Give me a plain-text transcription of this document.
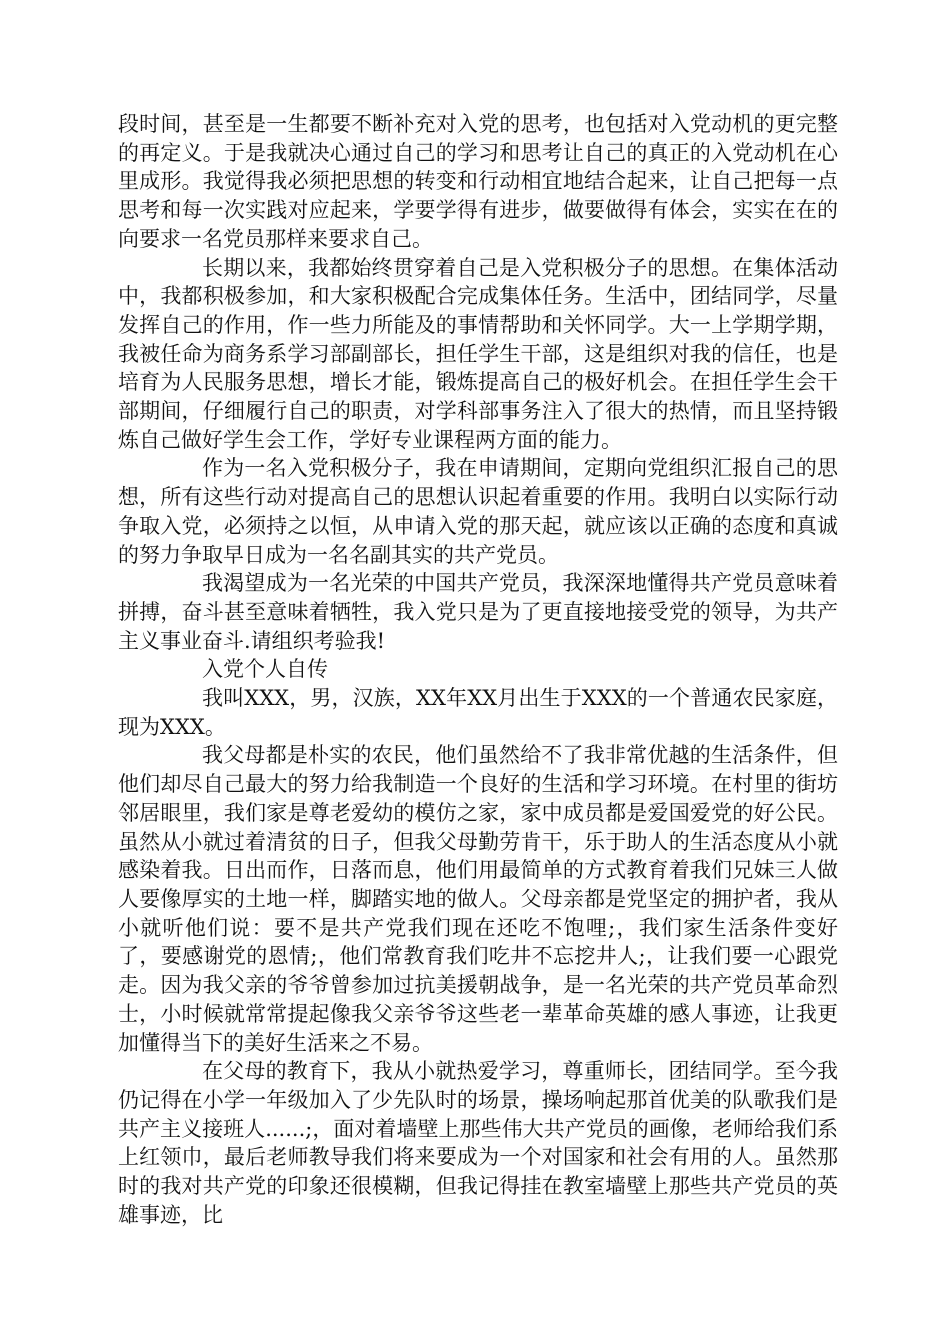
段时间，甚至是一生都要不断补充对入党的思考，也包括对入党动机的更完整的再定义。于是我就决心通过自己的学习和思考让自己的真正的入党动机在心里成形。我觉得我必须把思想的转变和行动相宜地结合起来，让自己把每一点思考和每一次实践对应起来，学要学得有进步，做要做得有体会，实实在在的向要求一名党员那样来要求自己。

长期以来，我都始终贯穿着自己是入党积极分子的思想。在集体活动中，我都积极参加，和大家积极配合完成集体任务。生活中，团结同学，尽量发挥自己的作用，作一些力所能及的事情帮助和关怀同学。大一上学期学期，我被任命为商务系学习部副部长，担任学生干部，这是组织对我的信任，也是培育为人民服务思想，增长才能，锻炼提高自己的极好机会。在担任学生会干部期间，仔细履行自己的职责，对学科部事务注入了很大的热情，而且坚持锻炼自己做好学生会工作，学好专业课程两方面的能力。

作为一名入党积极分子，我在申请期间，定期向党组织汇报自己的思想，所有这些行动对提高自己的思想认识起着重要的作用。我明白以实际行动争取入党，必须持之以恒，从申请入党的那天起，就应该以正确的态度和真诚的努力争取早日成为一名名副其实的共产党员。

我渴望成为一名光荣的中国共产党员，我深深地懂得共产党员意味着拼搏，奋斗甚至意味着牺牲，我入党只是为了更直接地接受党的领导，为共产主义事业奋斗.请组织考验我!

入党个人自传

我叫XXX，男，汉族，XX年XX月出生于XXX的一个普通农民家庭，现为XXX。

我父母都是朴实的农民，他们虽然给不了我非常优越的生活条件，但他们却尽自己最大的努力给我制造一个良好的生活和学习环境。在村里的街坊邻居眼里，我们家是尊老爱幼的模仿之家，家中成员都是爱国爱党的好公民。虽然从小就过着清贫的日子，但我父母勤劳肯干，乐于助人的生活态度从小就感染着我。日出而作，日落而息，他们用最简单的方式教育着我们兄妹三人做人要像厚实的土地一样，脚踏实地的做人。父母亲都是党坚定的拥护者，我从小就听他们说：要不是共产党我们现在还吃不饱哩;，我们家生活条件变好了，要感谢党的恩情;，他们常教育我们吃井不忘挖井人;，让我们要一心跟党走。因为我父亲的爷爷曾参加过抗美援朝战争，是一名光荣的共产党员革命烈士，小时候就常常提起像我父亲爷爷这些老一辈革命英雄的感人事迹，让我更加懂得当下的美好生活来之不易。

在父母的教育下，我从小就热爱学习，尊重师长，团结同学。至今我仍记得在小学一年级加入了少先队时的场景，操场响起那首优美的队歌我们是共产主义接班人......;，面对着墙壁上那些伟大共产党员的画像，老师给我们系上红领巾，最后老师教导我们将来要成为一个对国家和社会有用的人。虽然那时的我对共产党的印象还很模糊，但我记得挂在教室墙壁上那些共产党员的英雄事迹，比
